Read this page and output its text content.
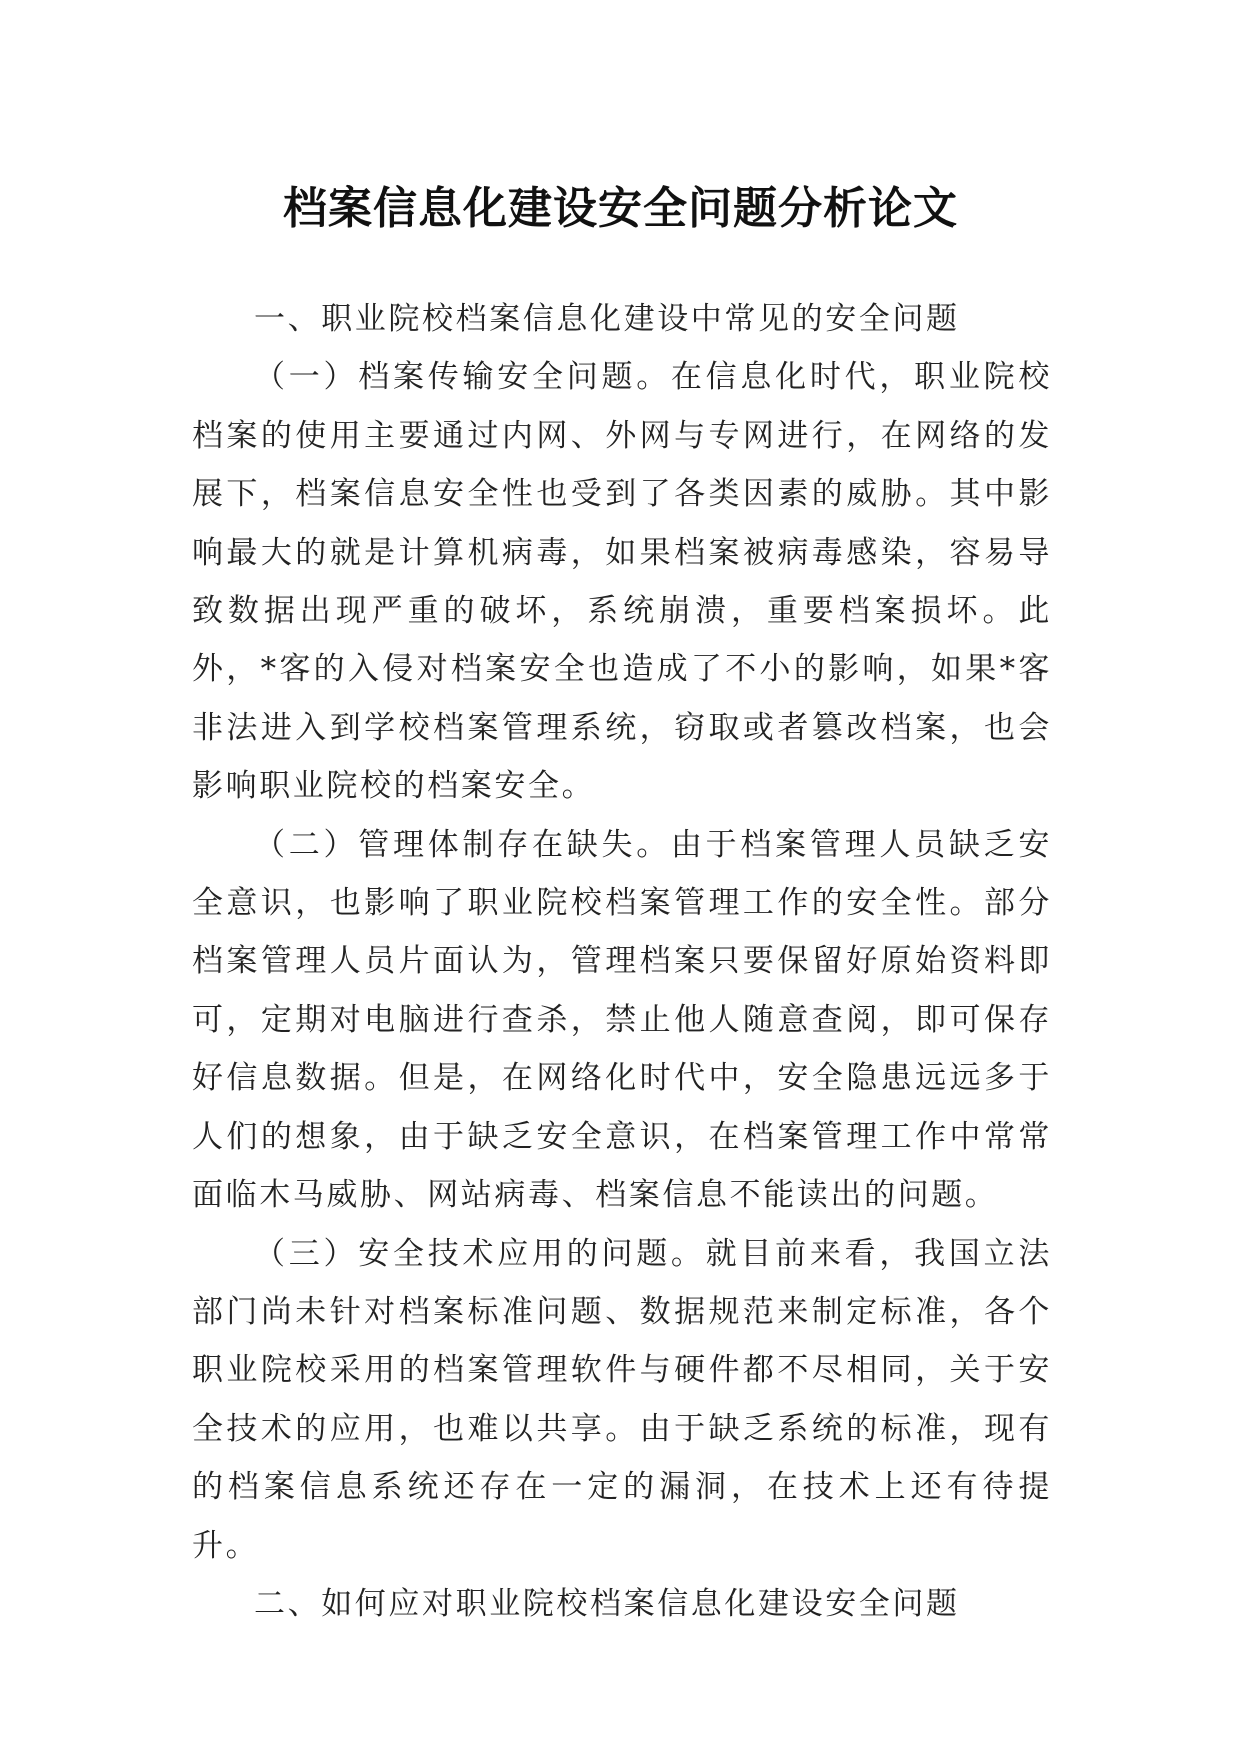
档案信息化建设安全问题分析论文

一、职业院校档案信息化建设中常见的安全问题

（一）档案传输安全问题。在信息化时代，职业院校档案的使用主要通过内网、外网与专网进行，在网络的发展下，档案信息安全性也受到了各类因素的威胁。其中影响最大的就是计算机病毒，如果档案被病毒感染，容易导致数据出现严重的破坏，系统崩溃，重要档案损坏。此外，*客的入侵对档案安全也造成了不小的影响，如果*客非法进入到学校档案管理系统，窃取或者篡改档案，也会影响职业院校的档案安全。

（二）管理体制存在缺失。由于档案管理人员缺乏安全意识，也影响了职业院校档案管理工作的安全性。部分档案管理人员片面认为，管理档案只要保留好原始资料即可，定期对电脑进行查杀，禁止他人随意查阅，即可保存好信息数据。但是，在网络化时代中，安全隐患远远多于人们的想象，由于缺乏安全意识，在档案管理工作中常常面临木马威胁、网站病毒、档案信息不能读出的问题。

（三）安全技术应用的问题。就目前来看，我国立法部门尚未针对档案标准问题、数据规范来制定标准，各个职业院校采用的档案管理软件与硬件都不尽相同，关于安全技术的应用，也难以共享。由于缺乏系统的标准，现有的档案信息系统还存在一定的漏洞，在技术上还有待提升。

二、如何应对职业院校档案信息化建设安全问题
